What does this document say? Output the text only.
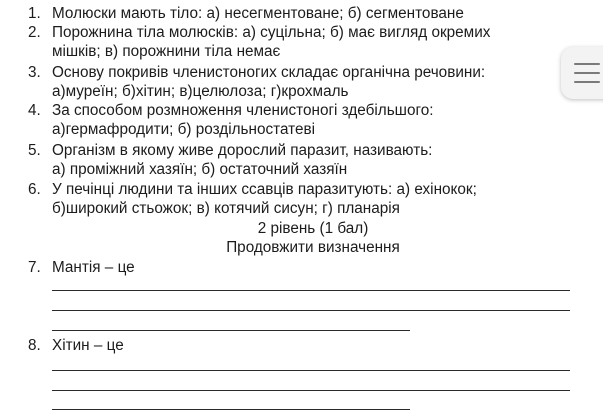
1. Молюски мають тіло: а) несегментоване; б) сегментоване
2. Порожнина тіла молюсків: а) суцільна; б) має вигляд окремих
мішків; в) порожнини тіла немає
3. Основу покривів членистоногих складає органічна речовини:
а)муреїн; б)хітин; в)целюлоза; г)крохмаль
4. За способом розмноження членистоногі здебільшого:
а)гермафродити; б) роздільностатеві
5. Організм в якому живе дорослий паразит, називають:
а) проміжний хазяїн; б) остаточний хазяїн
6. У печінці людини та інших ссавців паразитують: а) ехінокок;
б)широкий стьожок; в) котячий сисун; г) планарія
2 рівень (1 бал)
Продовжити визначення
7. Мантія – це
8. Хітин – це
